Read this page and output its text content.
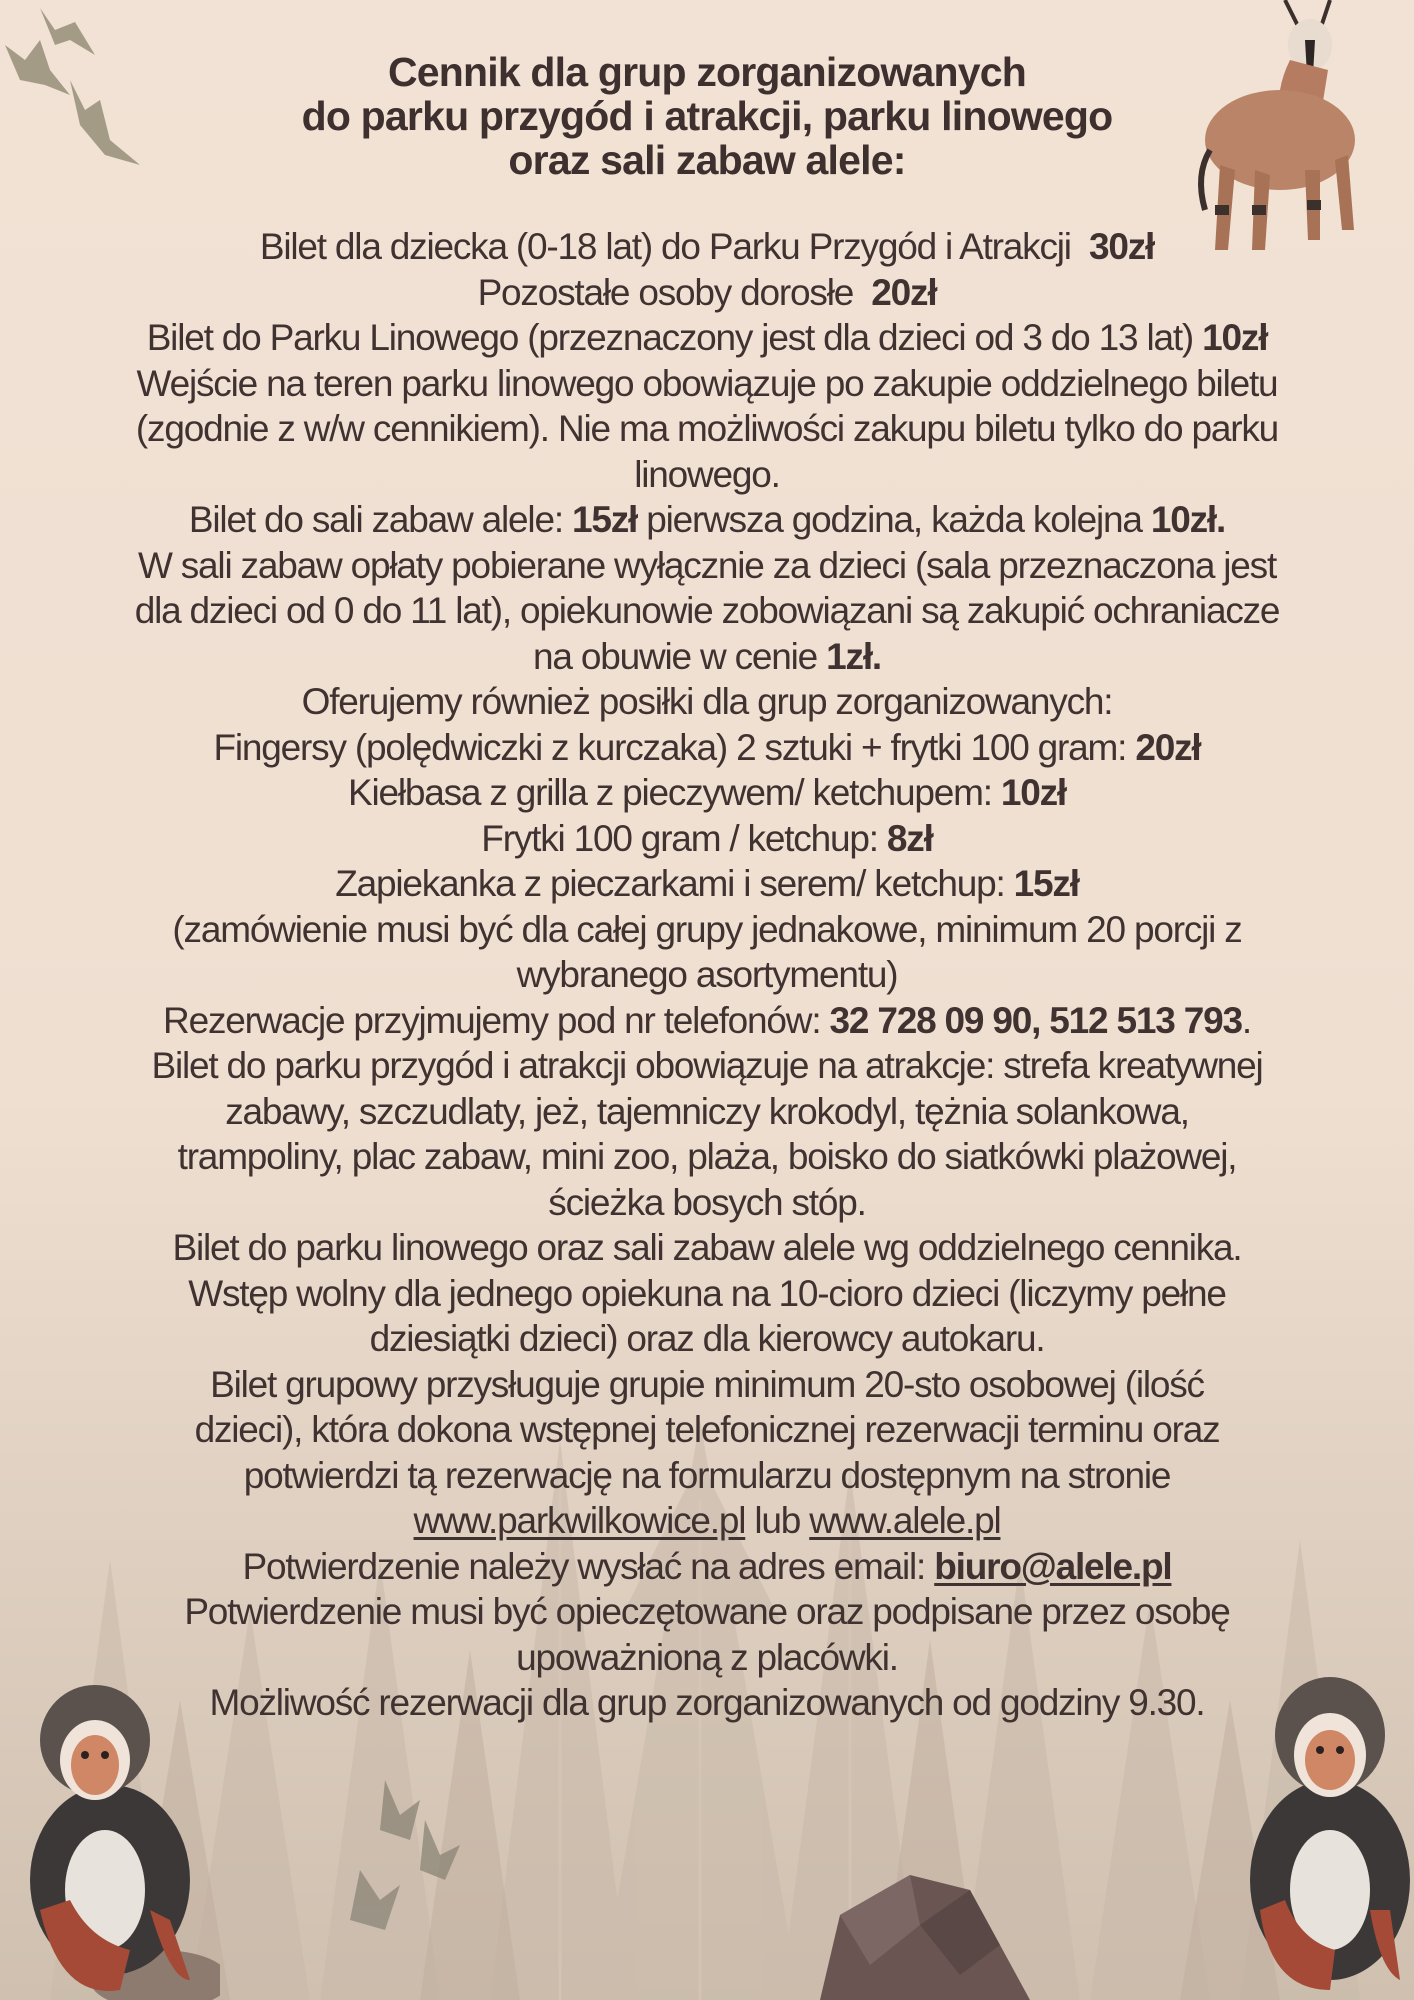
Cennik dla grup zorganizowanych
do parku przygód i atrakcji, parku linowego
oraz sali zabaw alele:
Bilet dla dziecka (0-18 lat) do Parku Przygód i Atrakcji 30zł
Pozostałe osoby dorosłe 20zł
Bilet do Parku Linowego (przeznaczony jest dla dzieci od 3 do 13 lat) 10zł
Wejście na teren parku linowego obowiązuje po zakupie oddzielnego biletu
(zgodnie z w/w cennikiem). Nie ma możliwości zakupu biletu tylko do parku
linowego.
Bilet do sali zabaw alele: 15zł pierwsza godzina, każda kolejna 10zł.
W sali zabaw opłaty pobierane wyłącznie za dzieci (sala przeznaczona jest
dla dzieci od 0 do 11 lat), opiekunowie zobowiązani są zakupić ochraniacze
na obuwie w cenie 1zł.
Oferujemy również posiłki dla grup zorganizowanych:
Fingersy (polędwiczki z kurczaka) 2 sztuki + frytki 100 gram: 20zł
Kiełbasa z grilla z pieczywem/ ketchupem: 10zł
Frytki 100 gram / ketchup: 8zł
Zapiekanka z pieczarkami i serem/ ketchup: 15zł
(zamówienie musi być dla całej grupy jednakowe, minimum 20 porcji z
wybranego asortymentu)
Rezerwacje przyjmujemy pod nr telefonów: 32 728 09 90, 512 513 793.
Bilet do parku przygód i atrakcji obowiązuje na atrakcje: strefa kreatywnej
zabawy, szczudlaty, jeż, tajemniczy krokodyl, tężnia solankowa,
trampoliny, plac zabaw, mini zoo, plaża, boisko do siatkówki plażowej,
ścieżka bosych stóp.
Bilet do parku linowego oraz sali zabaw alele wg oddzielnego cennika.
Wstęp wolny dla jednego opiekuna na 10-cioro dzieci (liczymy pełne
dziesiątki dzieci) oraz dla kierowcy autokaru.
Bilet grupowy przysługuje grupie minimum 20-sto osobowej (ilość
dzieci), która dokona wstępnej telefonicznej rezerwacji terminu oraz
potwierdzi tą rezerwację na formularzu dostępnym na stronie
www.parkwilkowice.pl lub www.alele.pl
Potwierdzenie należy wysłać na adres email: biuro@alele.pl
Potwierdzenie musi być opieczętowane oraz podpisane przez osobę
upoważnioną z placówki.
Możliwość rezerwacji dla grup zorganizowanych od godziny 9.30.
